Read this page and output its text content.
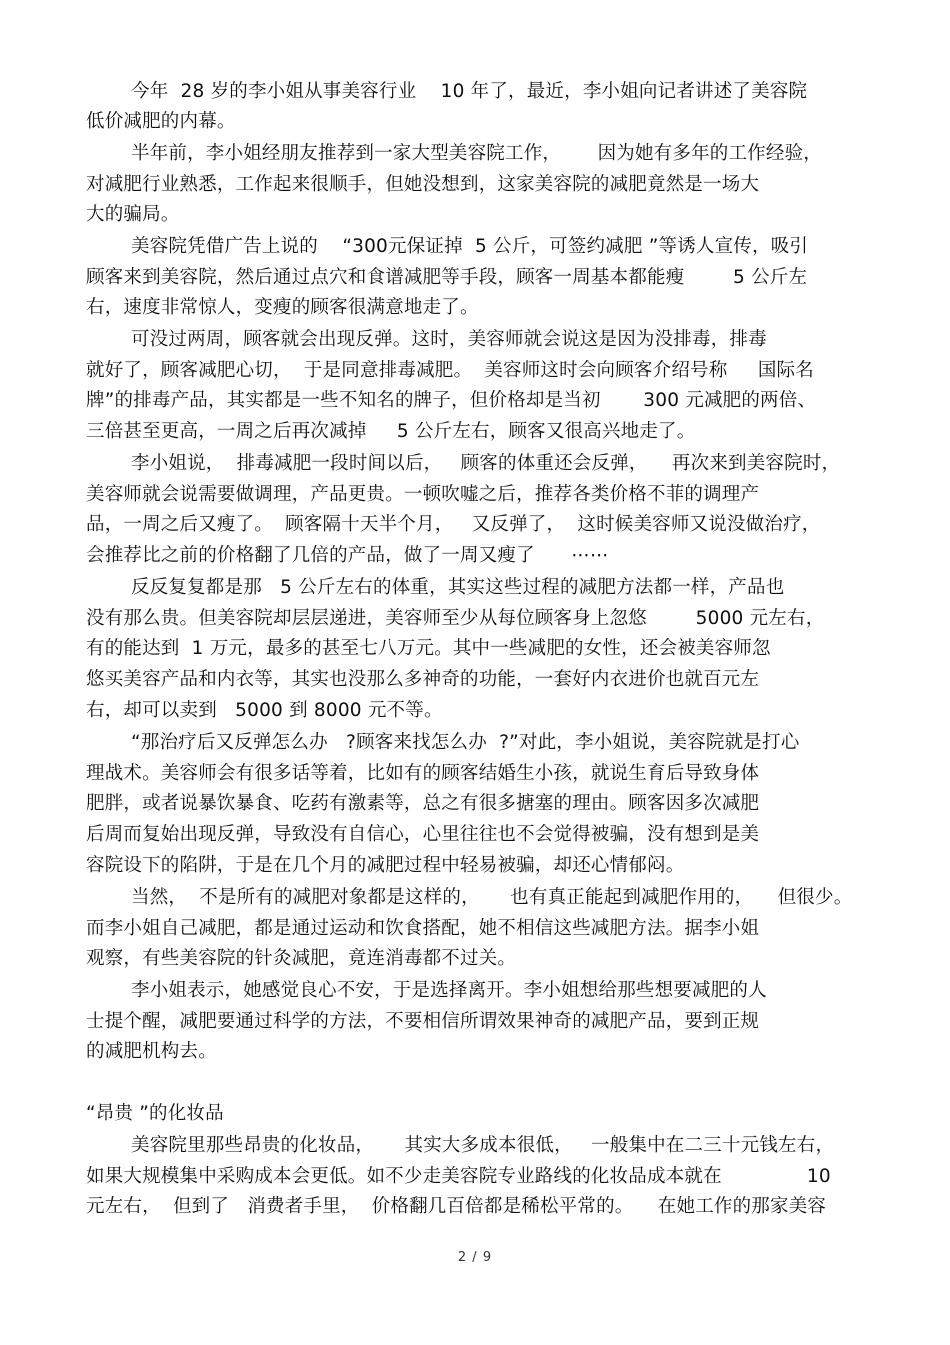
今年  28 岁的李小姐从事美容行业    10 年了，最近，李小姐向记者讲述了美容院
低价减肥的内幕。
半年前，李小姐经朋友推荐到一家大型美容院工作，      因为她有多年的工作经验，
对减肥行业熟悉，工作起来很顺手，但她没想到，这家美容院的减肥竟然是一场大
大的骗局。
美容院凭借广告上说的    “300元保证掉  5 公斤，可签约减肥 ”等诱人宣传，吸引
顾客来到美容院，然后通过点穴和食谱减肥等手段，顾客一周基本都能瘦        5 公斤左
右，速度非常惊人，变瘦的顾客很满意地走了。
可没过两周，顾客就会出现反弹。这时，美容师就会说这是因为没排毒，排毒
就好了，顾客减肥心切，  于是同意排毒减肥。  美容师这时会向顾客介绍号称     国际名
牌”的排毒产品，其实都是一些不知名的牌子，但价格却是当初       300 元减肥的两倍、
三倍甚至更高，一周之后再次减掉     5 公斤左右，顾客又很高兴地走了。
李小姐说，  排毒减肥一段时间以后，   顾客的体重还会反弹，    再次来到美容院时，
美容师就会说需要做调理，产品更贵。一顿吹嘘之后，推荐各类价格不菲的调理产
品，一周之后又瘦了。  顾客隔十天半个月，   又反弹了，  这时候美容师又说没做治疗，
会推荐比之前的价格翻了几倍的产品，做了一周又瘦了      ⋯⋯
反反复复都是那   5 公斤左右的体重，其实这些过程的减肥方法都一样，产品也
没有那么贵。但美容院却层层递进，美容师至少从每位顾客身上忽悠        5000 元左右，
有的能达到  1 万元，最多的甚至七八万元。其中一些减肥的女性，还会被美容师忽
悠买美容产品和内衣等，其实也没那么多神奇的功能，一套好内衣进价也就百元左
右，却可以卖到   5000 到 8000 元不等。
“那治疗后又反弹怎么办   ?顾客来找怎么办  ?”对此，李小姐说，美容院就是打心
理战术。美容师会有很多话等着，比如有的顾客结婚生小孩，就说生育后导致身体
肥胖，或者说暴饮暴食、吃药有激素等，总之有很多搪塞的理由。顾客因多次减肥
后周而复始出现反弹，导致没有自信心，心里往往也不会觉得被骗，没有想到是美
容院设下的陷阱，于是在几个月的减肥过程中轻易被骗，却还心情郁闷。
当然，  不是所有的减肥对象都是这样的，     也有真正能起到减肥作用的，    但很少。
而李小姐自己减肥，都是通过运动和饮食搭配，她不相信这些减肥方法。据李小姐
观察，有些美容院的针灸减肥，竟连消毒都不过关。
李小姐表示，她感觉良心不安，于是选择离开。李小姐想给那些想要减肥的人
士提个醒，减肥要通过科学的方法，不要相信所谓效果神奇的减肥产品，要到正规
的减肥机构去。
“昂贵 ”的化妆品
美容院里那些昂贵的化妆品，     其实大多成本很低，   一般集中在二三十元钱左右，
如果大规模集中采购成本会更低。如不少走美容院专业路线的化妆品成本就在              10
元左右，  但到了   消费者手里，  价格翻几百倍都是稀松平常的。    在她工作的那家美容
2 / 9
